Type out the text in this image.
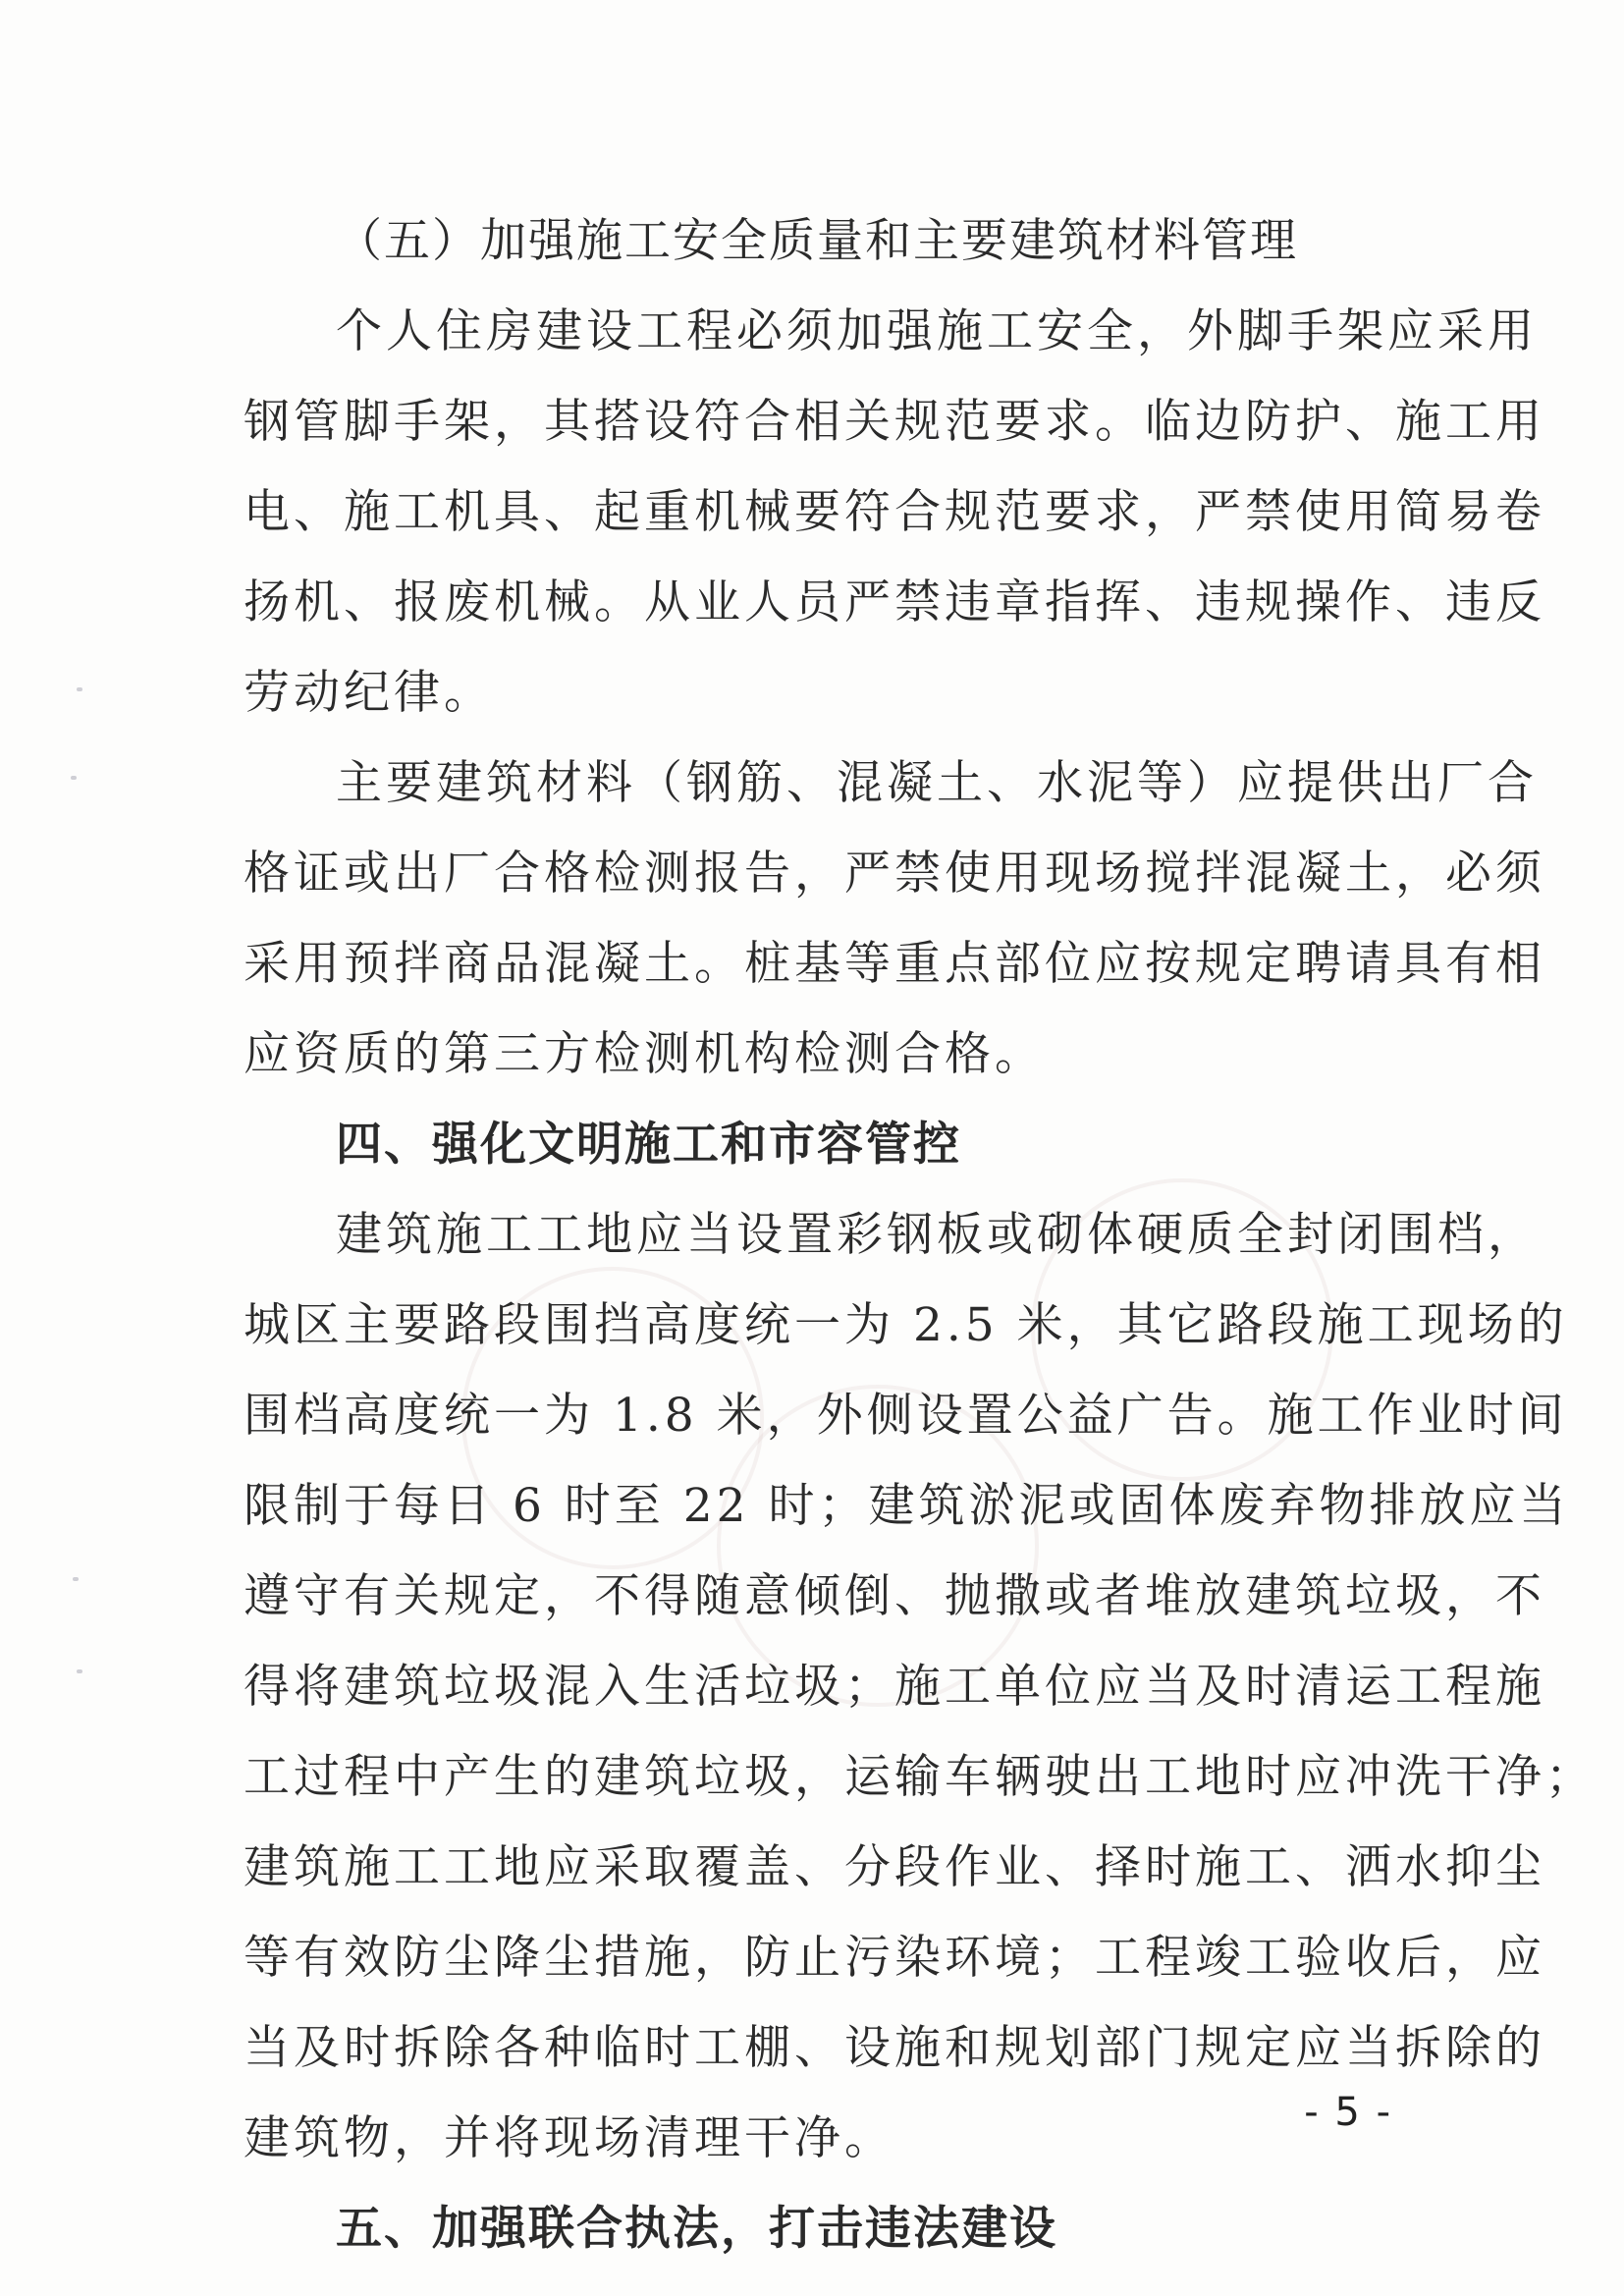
（五）加强施工安全质量和主要建筑材料管理
个人住房建设工程必须加强施工安全，外脚手架应采用
钢管脚手架，其搭设符合相关规范要求。临边防护、施工用
电、施工机具、起重机械要符合规范要求，严禁使用简易卷
扬机、报废机械。从业人员严禁违章指挥、违规操作、违反
劳动纪律。
主要建筑材料（钢筋、混凝土、水泥等）应提供出厂合
格证或出厂合格检测报告，严禁使用现场搅拌混凝土，必须
采用预拌商品混凝土。桩基等重点部位应按规定聘请具有相
应资质的第三方检测机构检测合格。
四、强化文明施工和市容管控
建筑施工工地应当设置彩钢板或砌体硬质全封闭围档，
城区主要路段围挡高度统一为 2.5 米，其它路段施工现场的
围档高度统一为 1.8 米，外侧设置公益广告。施工作业时间
限制于每日 6 时至 22 时；建筑淤泥或固体废弃物排放应当
遵守有关规定，不得随意倾倒、抛撒或者堆放建筑垃圾，不
得将建筑垃圾混入生活垃圾；施工单位应当及时清运工程施
工过程中产生的建筑垃圾，运输车辆驶出工地时应冲洗干净；
建筑施工工地应采取覆盖、分段作业、择时施工、洒水抑尘
等有效防尘降尘措施，防止污染环境；工程竣工验收后，应
当及时拆除各种临时工棚、设施和规划部门规定应当拆除的
建筑物，并将现场清理干净。
五、加强联合执法，打击违法建设
- 5 -
